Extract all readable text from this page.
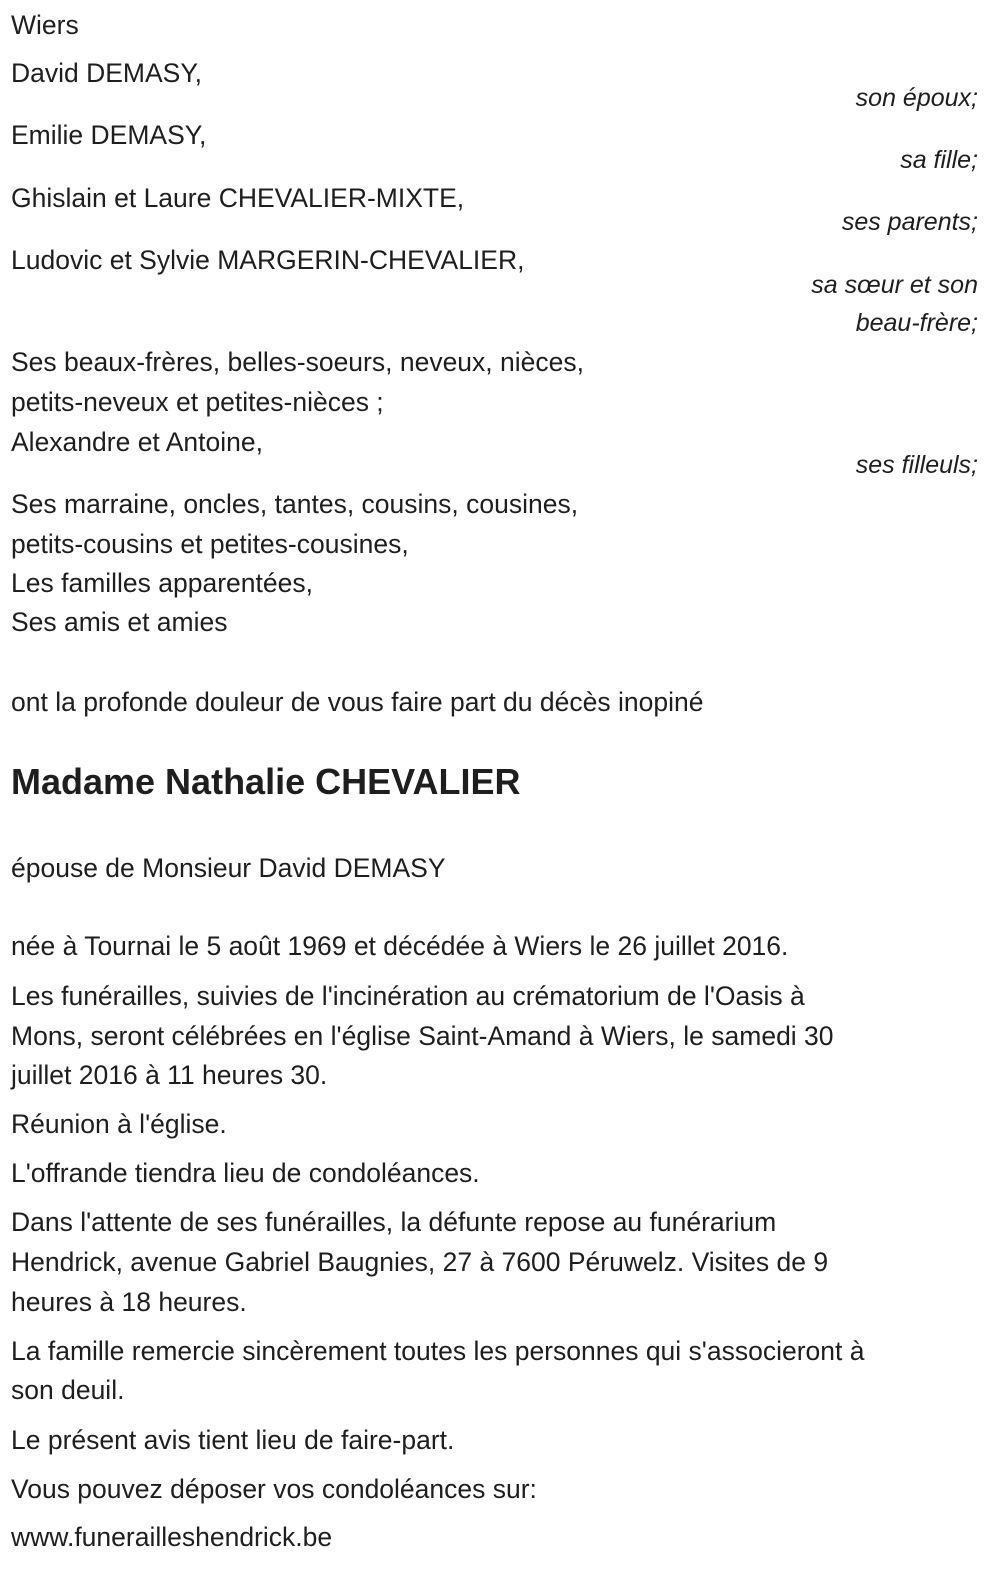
Wiers
David DEMASY,
son époux;
Emilie DEMASY,
sa fille;
Ghislain et Laure CHEVALIER-MIXTE,
ses parents;
Ludovic et Sylvie MARGERIN-CHEVALIER,
sa sœur et son
beau-frère;
Ses beaux-frères, belles-soeurs, neveux, nièces,
petits-neveux et petites-nièces ;
Alexandre et Antoine,
ses filleuls;
Ses marraine, oncles, tantes, cousins, cousines,
petits-cousins et petites-cousines,
Les familles apparentées,
Ses amis et amies
ont la profonde douleur de vous faire part du décès inopiné
Madame Nathalie CHEVALIER
épouse de Monsieur David DEMASY
née à Tournai le 5 août 1969 et décédée à Wiers le 26 juillet 2016.
Les funérailles, suivies de l'incinération au crématorium de l'Oasis à
Mons, seront célébrées en l'église Saint-Amand à Wiers, le samedi 30
juillet 2016 à 11 heures 30.
Réunion à l'église.
L'offrande tiendra lieu de condoléances.
Dans l'attente de ses funérailles, la défunte repose au funérarium
Hendrick, avenue Gabriel Baugnies, 27 à 7600 Péruwelz. Visites de 9
heures à 18 heures.
La famille remercie sincèrement toutes les personnes qui s'associeront à
son deuil.
Le présent avis tient lieu de faire-part.
Vous pouvez déposer vos condoléances sur:
www.funerailleshendrick.be
